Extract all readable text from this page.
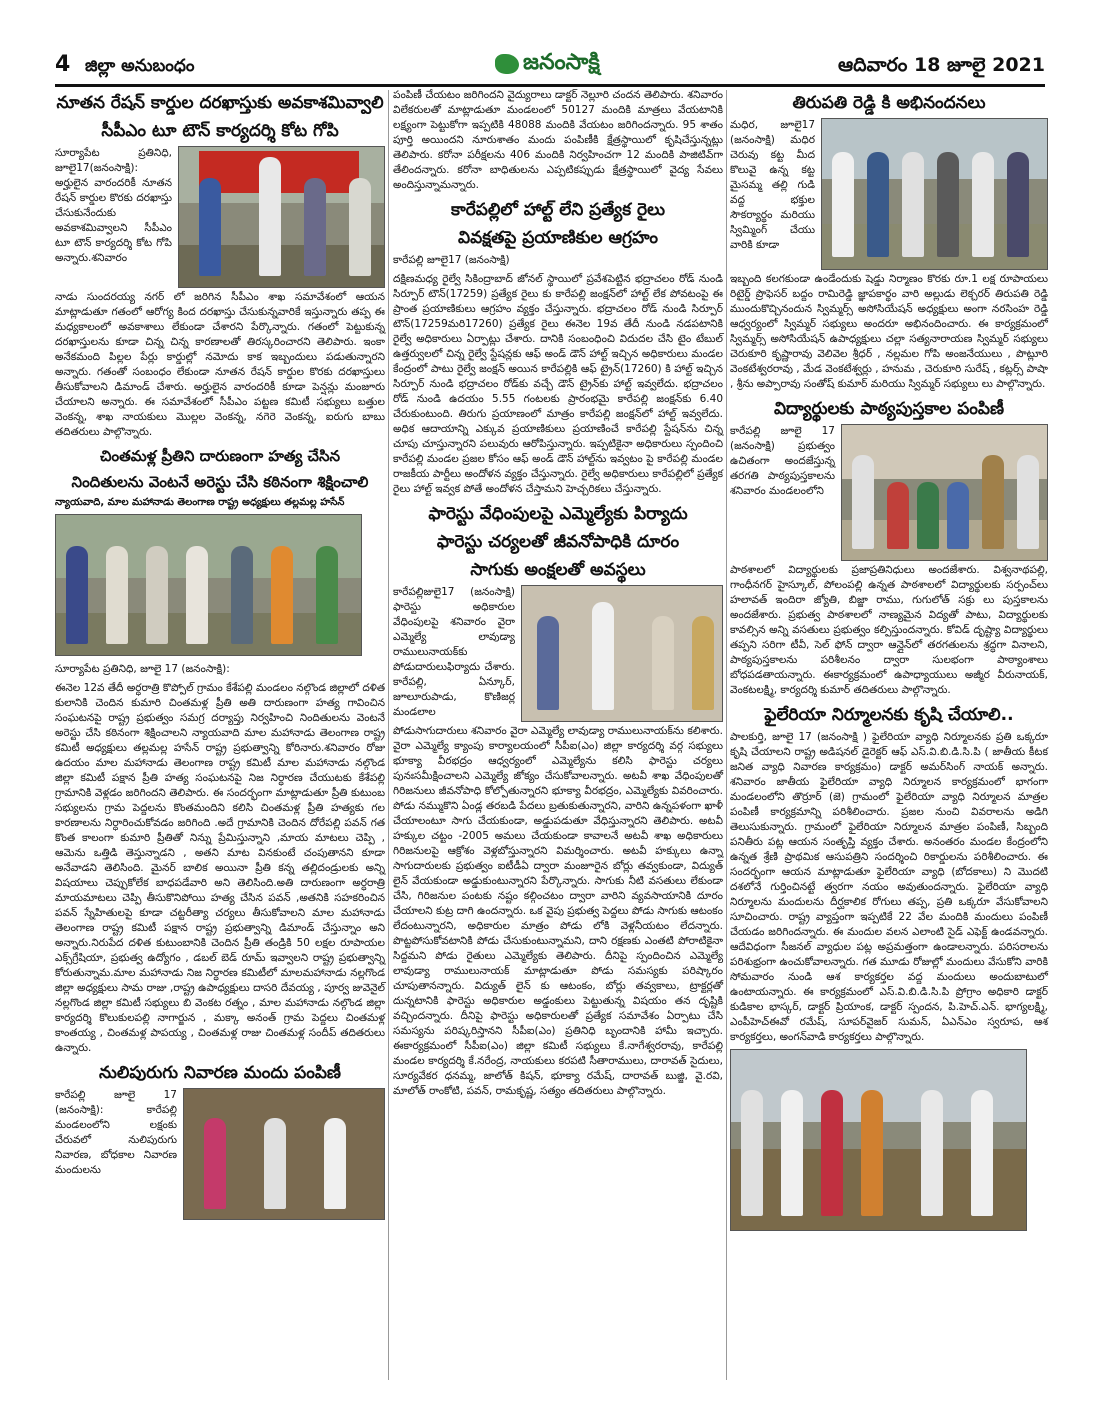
4 జిల్లా అనుబంధం	జనంసాక్షి	ఆదివారం 18 జూలై 2021
నూతన రేషన్ కార్డుల దరఖాస్తుకు అవకాశమివ్వాలి
సీపీఎం టూ టౌన్ కార్యదర్శి కోట గోపి

సూర్యాపేట ప్రతినిధి, జూలై17(జనంసాక్షి): అర్హులైన వారందరికీ నూతన రేషన్ కార్డుల కొరకు దరఖాస్తు చేసుకునేందుకు అవకాశమివ్వాలని సీపీఎం టూ టౌన్ కార్యదర్శి కోట గోపి అన్నారు.శనివారం

నాడు సుందరయ్య నగర్ లో జరిగిన సీపీఎం శాఖ సమావేశంలో ఆయన మాట్లాడుతూ గతంలో ఆరోగ్య కింద దరఖాస్తు చేసుకున్నవారికే ఇస్తున్నారు తప్ప ఈ మధ్యకాలంలో అవకాశాలు లేకుండా చేశారని పేర్కొన్నారు. గతంలో పెట్టుకున్న దరఖాస్తులను కూడా చిన్న చిన్న కారణాలతో తిరస్కరించారని తెలిపారు. ఇంకా అనేకమంది పిల్లల పేర్లు కార్డుల్లో నమోదు కాక ఇబ్బందులు పడుతున్నారని అన్నారు. గతంతో సంబంధం లేకుండా నూతన రేషన్ కార్డుల కొరకు దరఖాస్తులు తీసుకోవాలని డిమాండ్ చేశారు. అర్హులైన వారందరికీ కూడా పెన్షన్లు మంజూరు చేయాలని అన్నారు. ఈ సమావేశంలో సీపీఎం పట్టణ కమిటీ సభ్యులు బత్తుల వెంకన్న, శాఖ నాయకులు మొల్లల వెంకన్న, నగెరె వెంకన్న, ఐరుగు బాబు తదితరులు పాల్గొన్నారు.

చింతమళ్ల ప్రీతిని దారుణంగా హత్య చేసిన
నిందితులను వెంటనే అరెస్టు చేసి కఠినంగా శిక్షించాలి
న్యాయవాది, మాల మహానాడు తెలంగాణ రాష్ట్ర అధ్యక్షులు తల్లమల్ల హసేన్

సూర్యాపేట ప్రతినిధి, జూలై 17 (జనంసాక్షి):

ఈనెల 12వ తేదీ అర్ధరాత్రి కొప్పోల్ గ్రామం కేశేపల్లి మండలం నల్గొండ జిల్లాలో దళిత కులానికి చెందిన కుమారి చింతమళ్ల ప్రీతి అతి దారుణంగా హత్య గావించిన సంఘటనపై రాష్ట్ర ప్రభుత్వం సమగ్ర దర్యాప్తు నిర్వహించి నిందితులను వెంటనే అరెస్టు చేసి కఠినంగా శిక్షించాలని న్యాయవాది మాల మహానాడు తెలంగాణ రాష్ట్ర కమిటీ అధ్యక్షులు తల్లమల్ల హసేన్ రాష్ట్ర ప్రభుత్వాన్ని కోరినారు.శనివారం రోజు ఉదయం మాల మహానాడు తెలంగాణ రాష్ట్ర కమిటీ మాల మహానాడు నల్గొండ జిల్లా కమిటీ పక్షాన ప్రీతి హత్య సంఘటనపై నిజ నిర్ధారణ చేయుటకు కేశేపల్లి గ్రామానికి వెళ్లడం జరిగిందని తెలిపారు. ఈ సందర్భంగా మాట్లాడుతూ ప్రీతి కుటుంబ సభ్యులను గ్రామ పెద్దలను కొంతమందిని కలిసి చింతమళ్ల ప్రీతి హత్యకు గల కారణాలను నిర్ధారించుకోవడం జరిగింది .అదే గ్రామానికి చెందిన దోరేపల్లి పవన్ గత కొంత కాలంగా కుమారి ప్రీతితో నిన్ను ప్రేమిస్తున్నాని ,మాయ మాటలు చెప్పి , ఆమెను ఒత్తిడి తెస్తున్నాడని , అతని మాట వినకుంటే చంపుతానని కూడా అనేవాడని తెలిసింది. మైనర్ బాలిక అయినా ప్రీతి కన్న తల్లిదండ్రులకు అన్ని విషయాలు చెప్పుకోలేక బాధపడేవారి అని తెలిసింది.అతి దారుణంగా అర్ధరాత్రి మాయమాటలు చెప్పి తీసుకొనిపోయి హత్య చేసిన పవన్ ,అతనికి సహకరించిన పవన్ స్నేహితులపై కూడా చట్టరీత్యా చర్యలు తీసుకోవాలని మాల మహానాడు తెలంగాణ రాష్ట్ర కమిటీ పక్షాన రాష్ట్ర ప్రభుత్వాన్ని డిమాండ్ చేస్తున్నాం అని అన్నారు.నిరుపేద దళిత కుటుంబానికి చెందిన ప్రీతి తండ్రికి 50 లక్షల రూపాయల ఎక్స్‌గ్రేషియా, ప్రభుత్వ ఉద్యోగం , డబల్ బెడ్ రూమ్ ఇవ్వాలని రాష్ట్ర ప్రభుత్వాన్ని కోరుతున్నామ.మాల మహానాడు నిజ నిర్ధారణ కమిటీలో మాలమహానాడు నల్లగొండ జిల్లా అధ్యక్షులు సామ రాజు ,రాష్ట్ర ఉపాధ్యక్షులు దాసరి దేవయ్య , పూర్వ జువెనైల్ నల్లగొండ జిల్లా కమిటీ సభ్యులు బి వెంకట రత్నం , మాల మహానాడు నల్గొండ జిల్లా కార్యదర్శి కొలుకులపల్లి నాగార్జున , మక్కా అనంత్ గ్రామ పెద్దలు చింతమళ్ల కాంతయ్య , చింతమళ్ల పాపయ్య , చింతమళ్ల రాజు చింతమళ్ల సందీప్ తదితరులు ఉన్నారు.

నులిపురుగు నివారణ మందు పంపిణీ

కారేపల్లి జూలై 17 (జనంసాక్షి): కారేపల్లి మండలంలోని లక్షంకు చేరువలో నులిపురుగు నివారణ, బోధకాల నివారణ మందులను

పంపిణీ చేయటం జరిగిందని వైద్యురాలు డాక్టర్ నెల్లూరి చందన తెలిపారు. శనివారం విలేకరులతో మాట్లాడుతూ మండలంలో 50127 మందికి మాత్రలు వేయటానికి లక్ష్యంగా పెట్టుకోగా ఇప్పటికి 48088 మందికి వేయటం జరిగిందన్నారు. 95 శాతం పూర్తి అయిందని నూరుశాతం మందు పంపిణీకి క్షేత్రస్థాయిలో కృషిచేస్తున్నట్లు తెలిపారు. కరోనా పరీక్షలను 406 మందికి నిర్వహించగా 12 మందికి పాజిటివ్‌గా తేలిందన్నారు. కరోనా బాధితులను ఎప్పటికప్పుడు క్షేత్రస్థాయిలో వైద్య సేవలు అందిస్తున్నామన్నారు.

కారేపల్లిలో హాల్ట్ లేని ప్రత్యేక రైలు
వివక్షతపై ప్రయాణికుల ఆగ్రహం

కారేపల్లి జూలై17 (జనంసాక్షి)

దక్షిణమధ్య రైల్వే సికింద్రాబాద్ జోనల్ స్థాయిలో ప్రవేశపెట్టిన భద్రాచలం రోడ్ నుండి సిర్పూర్ టౌన్(17259) ప్రత్యేక రైలు కు కారేపల్లి జంక్షన్‌లో హాల్ట్ లేక పోవటంపై ఈ ప్రాంత ప్రయాణికులు ఆగ్రహం వ్యక్తం చేస్తున్నారు. భద్రాచలం రోడ్ నుండి సిర్పూర్ టౌన్(17259మరి17260) ప్రత్యేక రైలు ఈనెల 19వ తేదీ నుండి నడపటానికి రైల్వే అధికారులు ఏర్పాట్లు చేశారు. దానికి సంబంధించి విదుదల చేసి టైం టేబుల్ ఉత్తర్వులలో చిన్న రైల్వే స్టేషన్లకు ఆఫ్ అండ్ డౌన్ హాల్ట్ ఇచ్చిన అధికారులు మండల కేంద్రంలో పాటు రైల్వే జంక్షన్ అయిన కారేపల్లికి ఆఫ్ ట్రైన్(17260) కి హాల్ట్ ఇచ్చిన సిర్పూర్ నుండి భద్రాచలం రోడ్‌కు వచ్చే డౌన్ ట్రైన్‌కు హాల్ట్ ఇవ్వలేదు. భద్రాచలం రోడ్ నుండి ఉదయం 5.55 గంటలకు ప్రారంభమై కారేపల్లి జంక్షన్‌కు 6.40 చేరుకుంటుంది. తిరుగు ప్రయాణంలో మాత్రం కారేపల్లి జంక్షన్‌లో హాల్ట్ ఇవ్వలేదు. అధిక ఆదాయాన్ని ఎక్కువ ప్రయాణికులు ప్రయాణించే కారేపల్లి స్టేషన్‌ను చిన్న చూపు చూస్తున్నారని పలువురు ఆరోపిస్తున్నారు. ఇప్పటికైనా అధికారులు స్పందించి కారేపల్లి మండల ప్రజల కోసం ఆఫ్ అండ్ డౌన్ హాల్ట్‌ను ఇవ్వటం పై కారేపల్లి మండల రాజకీయ పార్టీలు అందోళన వ్యక్తం చేస్తున్నారు. రైల్వే అధికారులు కారేపల్లిలో ప్రత్యేక రైలు హాల్ట్ ఇవ్వక పోతే అందోళన చేస్తామని హెచ్చరికలు చేస్తున్నారు.

ఫారెస్టు వేధింపులపై ఎమ్మెల్యేకు పిర్యాదు
ఫారెస్టు చర్యలతో జీవనోపాధికి దూరం
సాగుకు అంక్షలతో అవస్థలు

కారేపల్లిజులై17 (జనంసాక్షి) ఫారెస్టు అధికారుల వేధింపులపై శనివారం వైరా ఎమ్మెల్యే లావుడ్యా రాములునాయక్‌కు పోడుదారులుఫిర్యాదు చేశారు. కారేపల్లి, ఏన్కూర్, జూలూరుపాడు, కొణిజర్ల మండలాల

పోడుసాగుదారులు శనివారం వైరా ఎమ్మెల్యే లావుడ్యా రాములునాయక్‌ను కలిశారు. వైరా ఎమ్మెల్యే క్యాంపు కార్యాలయంలో సీపీఐ(ఎం) జిల్లా కార్యదర్శి వర్గ సభ్యులు భూక్యా వీరభద్రం ఆధ్వర్యంలో ఎమ్మెల్యేను కలిసి ఫారెస్టు చర్యలు పునఃసమీక్షించాలని ఎమ్మెల్యే జోక్యం చేసుకోవాలన్నారు. అటవీ శాఖ వేధింపులతో గిరిజనులు జీవనోపాధి కోల్పోతున్నారని భూక్యా వీరభద్రం, ఎమ్మెల్యేకు వివరించారు. పోడు నమ్ముకొని ఏండ్ల తరబడి పేదలు బ్రతుకుతున్నారని, వారిని ఉన్నపళంగా ఖాళీ చేయాలంటూ సాగు చేయకుండా, అడ్డుపడుతూ వేధిస్తున్నారని తెలిపారు. అటవీ హక్కుల చట్టం -2005 అమలు చేయకుండా కావాలనే అటవీ శాఖ అధికారులు గిరిజనులపై ఆక్రోశం వెళ్లబోస్తున్నారని విమర్శించారు. అటవీ హక్కులు ఉన్నా సాగుదారులకు ప్రభుత్వం ఐటీడీఏ ద్వారా మంజూరైన బోర్లు తవ్వకుండా, విద్యుత్ లైన్ వేయకుండా అడ్డుకుంటున్నారని పేర్కొన్నారు. సాగుకు నీటి వసతులు లేకుండా చేసి, గిరిజనుల పంటకు నష్టం కల్గించటం ద్వారా వారిని వ్యవసాయానికి దూరం చేయాలని కుట్ర దాగి ఉందన్నారు. ఒక వైపు ప్రభుత్వ పెద్దలు పోడు సాగుకు ఆటంకం లేదంటున్నారని, అధికారుల మాత్రం పోడు లోకి వెళ్లనీయటం లేదన్నారు. పొట్టపోసుకోవటానికి పోడు చేసుకుంటున్నామని, దాని రక్షణకు ఎంతటి పోరాటికైనా సిద్దమని పోడు రైతులు ఎమ్మెల్యేకు తెలిపారు. దీనిపై స్పందించిన ఎమ్మెల్యే లావుడ్యా రాములునాయక్ మాట్లాడుతూ పోడు సమస్యకు పరిష్కారం చూపుతానన్నారు. విద్యుత్ లైన్ కు ఆటంకం, బోర్లు తవ్వకాలు, ట్రాక్టర్లతో దున్నటానికి ఫారెస్టు అధికారుల అడ్డంకులు పెట్టుతున్న విషయం తన దృష్టికి వచ్చిందన్నారు. దీనిపై ఫారెస్టు అధికారులతో ప్రత్యేక సమావేశం ఏర్పాటు చేసి సమస్యను పరిష్కరిస్తానని సీపీఐ(ఎం) ప్రతినిధి బృందానికి హామీ ఇచ్చారు. ఈకార్యక్రమంలో సీపీఐ(ఎం) జిల్లా కమిటీ సభ్యులు కే.నాగేశ్వరరావు, కారేపల్లి మండల కార్యదర్శి కే.నరేంద్ర, నాయకులు కరపటి సీతారాములు, దారావత్ సైదులు, సూర్యవేకర ధనమ్మ, జాలోత్ కిషన్, భూక్యా రమేష్, దారావత్ బుజ్జి, వై.రవి, మాలోత్ రాంకోటి, పవన్, రామకృష్ణ, సత్యం తదితరులు పాల్గొన్నారు.

తిరుపతి రెడ్డి కి అభినందనలు

మధిర, జూలై17 (జనంసాక్షి) మధిర చెరువు కట్ట మీద కొలువై ఉన్న కట్ట మైసమ్మ తల్లి గుడి వద్ద భక్తుల సౌకర్యార్థం మరియు స్విమ్మింగ్ చేయు వారికి కూడా

ఇబ్బంది కలగకుండా ఉండేందుకు షెడ్డు నిర్మాణం కొరకు రూ.1 లక్ష రూపాయలు రిటైర్డ్ ప్రొఫెసర్ బద్దం రామిరెడ్డి జ్ఞాపకార్థం వారి అల్లుడు లెక్చరర్ తిరుపతి రెడ్డి ముందుకొచ్చినందున స్విమ్మర్స్ అసోసియేషన్ అధ్యక్షులు అంగా నరసింహ రెడ్డి ఆధ్వర్యంలో స్విమ్మర్ సభ్యులు అందరూ అభినందించారు. ఈ కార్యక్రమంలో స్విమ్మర్స్ అసోసియేషన్ ఉపాధ్యక్షులు చల్లా సత్యనారాయణ స్విమ్మర్ సభ్యులు చెరుకూరి కృష్ణారావు వెలివెల శ్రీధర్ , నల్లమల గోపి అంజనేయులు , పొట్లూరి వెంకటేశ్వరరావు , మేడ వెంకటేశ్వర్లు , హనుమ , చెరుకూరి సురేష్ , కట్లర్స్ పాషా , శ్రీను అప్పారావు సంతోష్ కుమార్ మరియు స్విమ్మర్ సభ్యులు లు పాల్గొన్నారు.

విద్యార్థులకు పాఠ్యపుస్తకాల పంపిణీ

కారేపల్లి జూలై 17 (జనంసాక్షి) ప్రభుత్వం ఉచితంగా అందజేస్తున్న తరగతి పాఠ్యపుస్తకాలను శనివారం మండలంలోని

పాఠశాలలో విద్యార్థులకు ప్రజాప్రతినిధులు అందజేశారు. విశ్వనాథపల్లి, గాంధీనగర్ హైస్కూల్, పోలంపల్లి ఉన్నత పాఠశాలలో విద్యార్థులకు సర్పంచ్‌లు హలావత్ ఇందిరా జ్యోతి, బిజ్జా రాము, గుగులోత్ సక్రు లు పుస్తకాలను అందజేశారు. ప్రభుత్వ పాఠశాలలో నాణ్యమైన విద్యతో పాటు, విద్యార్థులకు కావల్సిన అన్ని వసతులు ప్రభుత్వం కల్పిస్తుందన్నారు. కోవిడ్ దృష్ట్యా విద్యార్థులు తప్పని సరిగా టీవీ, సెల్ ఫోన్ ద్వారా ఆన్లైన్‌లో తరగతులను శ్రద్ధగా వినాలని, పాఠ్యపుస్తకాలను పరిశీలనం ద్వారా సులభంగా పాఠ్యాంశాలు బోధపడతాయన్నారు. ఈకార్యక్రమంలో ఉపాధ్యాయులు అజ్మీర వీరునాయక్, వెంకటలక్ష్మి, కార్యదర్శి కుమార్ తదితరులు పాల్గొన్నారు.

ఫైలేరియా నిర్మూలనకు కృషి చేయాలి..

పాలకుర్తి, జూలై 17 (జనంసాక్షి ) ఫైలేరియా వ్యాధి నిర్మూలనకు ప్రతి ఒక్కరూ కృషి చేయాలని రాష్ట్ర అడిషనల్ డైరెక్టర్ ఆఫ్ ఎస్.వి.బి.డి.సి.పి ( జాతీయ కీటక జనిత వ్యాధి నివారణ కార్యక్రమం) డాక్టర్ అమర్‌సింగ్ నాయక్ అన్నారు. శనివారం జాతీయ ఫైలేరియా వ్యాధి నిర్మూలన కార్యక్రమంలో భాగంగా మండలంలోని తొర్రూర్ (జె) గ్రామంలో ఫైలేరియా వ్యాధి నిర్మూలన మాత్రల పంపిణీ కార్యక్రమాన్ని పరిశీలించారు. ప్రజల నుంచి వివరాలను అడిగి తెలుసుకున్నారు. గ్రామంలో ఫైలేరియా నిర్మూలన మాత్రల పంపిణీ, సిబ్బంది పనితీరు పట్ల ఆయన సంతృప్తి వ్యక్తం చేశారు. అనంతరం మండల కేంద్రంలోని ఉన్నత శ్రేణి ప్రాథమిక ఆసుపత్రిని సందర్శించి రికార్డులను పరిశీలించారు. ఈ సందర్భంగా ఆయన మాట్లాడుతూ ఫైలేరియా వ్యాధి (బోదకాలు) ని మొదటి దశలోనే గుర్తించినట్టే త్వరగా నయం అవుతుందన్నారు. ఫైలేరియా వ్యాధి నిర్మూలను మందులను దీర్ఘకాలిక రోగులు తప్ప, ప్రతి ఒక్కరూ వేసుకోవాలని సూచించారు. రాష్ట్ర వ్యాప్తంగా ఇప్పటికే 22 వేల మందికి మందులు పంపిణీ చేయడం జరిగిందన్నారు. ఈ మందుల వలన ఎలాంటి సైడ్ ఎఫెక్ట్ ఉండవన్నారు. ఆదేవిధంగా సీజనల్ వ్యాధుల పట్ల అప్రమత్తంగా ఉండాలన్నారు. పరిసరాలను పరిశుభ్రంగా ఉంచుకోవాలన్నారు. గత మూడు రోజుల్లో మందులు వేసుకోని వారికి సోమవారం నుండి ఆశ కార్యకర్తల వద్ద మందులు అందుబాటులో ఉంటాయన్నారు. ఈ కార్యక్రమంలో ఎస్.వి.బి.డి.సి.పి ప్రోగ్రాం అధికారి డాక్టర్ కుడికాల భాస్కర్, డాక్టర్ ప్రియాంక, డాక్టర్ స్పందన, పి.హెచ్.ఎన్. భాగ్యలక్ష్మి, ఎంపీహెచ్‌ఈవో రమేష్, సూపర్‌వైజర్ సుమన్, ఏఎన్ఎం స్వరూప, ఆశ కార్యకర్తలు, అంగన్‌వాడి కార్యకర్తలు పాల్గొన్నారు.
